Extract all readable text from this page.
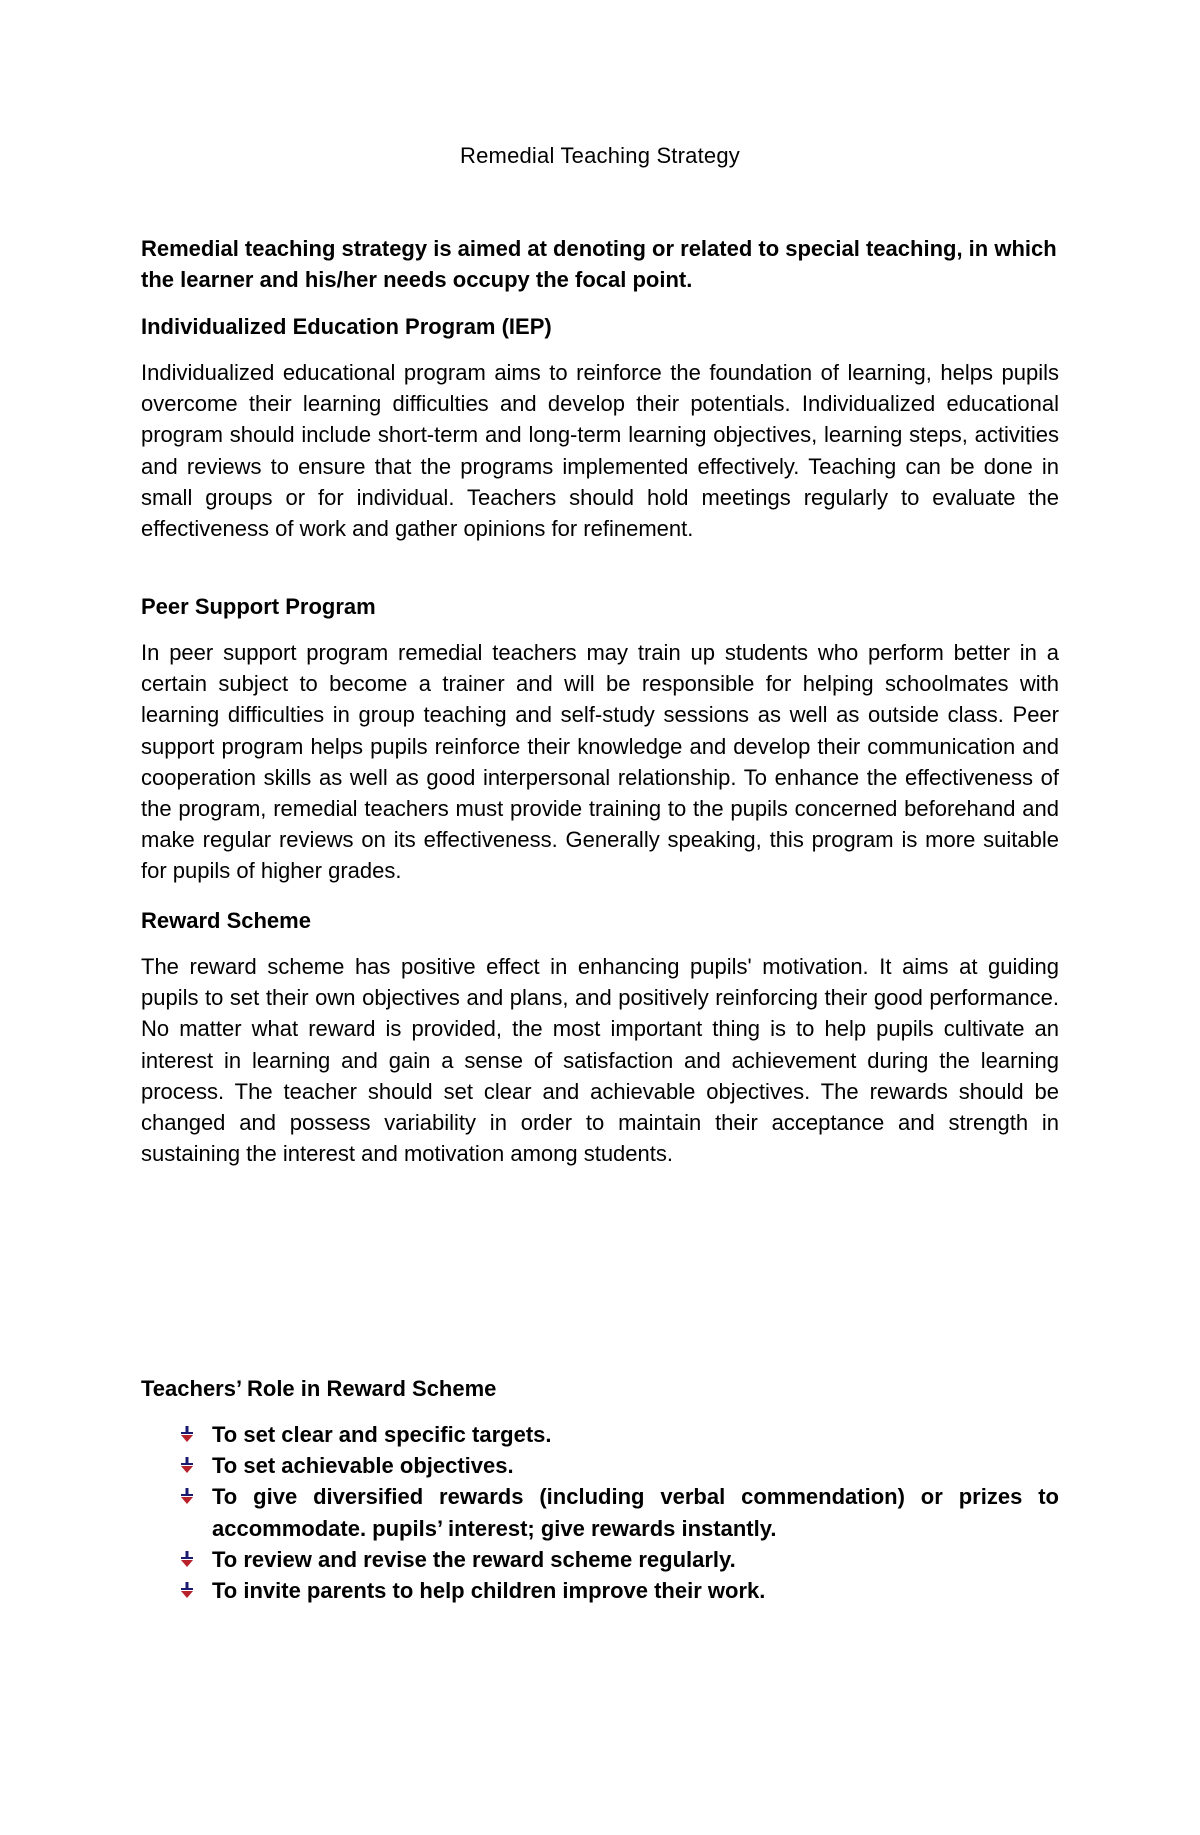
Remedial Teaching Strategy

Remedial teaching strategy is aimed at denoting or related to special teaching, in which the learner and his/her needs occupy the focal point.

Individualized Education Program (IEP)

Individualized educational program aims to reinforce the foundation of learning, helps pupils overcome their learning difficulties and develop their potentials. Individualized educational program should include short-term and long-term learning objectives, learning steps, activities and reviews to ensure that the programs implemented effectively. Teaching can be done in small groups or for individual. Teachers should hold meetings regularly to evaluate the effectiveness of work and gather opinions for refinement.

Peer Support Program

In peer support program remedial teachers may train up students who perform better in a certain subject to become a trainer and will be responsible for helping schoolmates with learning difficulties in group teaching and self-study sessions as well as outside class. Peer support program helps pupils reinforce their knowledge and develop their communication and cooperation skills as well as good interpersonal relationship. To enhance the effectiveness of the program, remedial teachers must provide training to the pupils concerned beforehand and make regular reviews on its effectiveness. Generally speaking, this program is more suitable for pupils of higher grades.

Reward Scheme

The reward scheme has positive effect in enhancing pupils' motivation. It aims at guiding pupils to set their own objectives and plans, and positively reinforcing their good performance. No matter what reward is provided, the most important thing is to help pupils cultivate an interest in learning and gain a sense of satisfaction and achievement during the learning process. The teacher should set clear and achievable objectives. The rewards should be changed and possess variability in order to maintain their acceptance and strength in sustaining the interest and motivation among students.

Teachers’ Role in Reward Scheme
To set clear and specific targets.
To set achievable objectives.
To give diversified rewards (including verbal commendation) or prizes to accommodate. pupils’ interest; give rewards instantly.
To review and revise the reward scheme regularly.
To invite parents to help children improve their work.
